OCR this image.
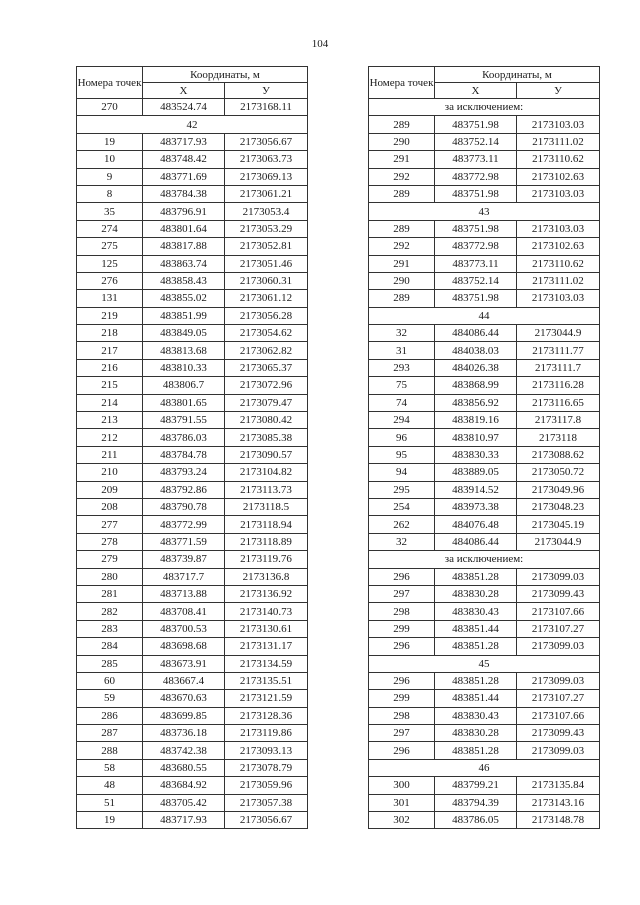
104
Номера точек	Координаты, м	
	X	У
270	483524.74	2173168.11
42		
19	483717.93	2173056.67
10	483748.42	2173063.73
9	483771.69	2173069.13
8	483784.38	2173061.21
35	483796.91	2173053.4
274	483801.64	2173053.29
275	483817.88	2173052.81
125	483863.74	2173051.46
276	483858.43	2173060.31
131	483855.02	2173061.12
219	483851.99	2173056.28
218	483849.05	2173054.62
217	483813.68	2173062.82
216	483810.33	2173065.37
215	483806.7	2173072.96
214	483801.65	2173079.47
213	483791.55	2173080.42
212	483786.03	2173085.38
211	483784.78	2173090.57
210	483793.24	2173104.82
209	483792.86	2173113.73
208	483790.78	2173118.5
277	483772.99	2173118.94
278	483771.59	2173118.89
279	483739.87	2173119.76
280	483717.7	2173136.8
281	483713.88	2173136.92
282	483708.41	2173140.73
283	483700.53	2173130.61
284	483698.68	2173131.17
285	483673.91	2173134.59
60	483667.4	2173135.51
59	483670.63	2173121.59
286	483699.85	2173128.36
287	483736.18	2173119.86
288	483742.38	2173093.13
58	483680.55	2173078.79
48	483684.92	2173059.96
51	483705.42	2173057.38
19	483717.93	2173056.67
Номера точек	Координаты, м	
	X	У
за исключением:		
289	483751.98	2173103.03
290	483752.14	2173111.02
291	483773.11	2173110.62
292	483772.98	2173102.63
289	483751.98	2173103.03
43		
289	483751.98	2173103.03
292	483772.98	2173102.63
291	483773.11	2173110.62
290	483752.14	2173111.02
289	483751.98	2173103.03
44		
32	484086.44	2173044.9
31	484038.03	2173111.77
293	484026.38	2173111.7
75	483868.99	2173116.28
74	483856.92	2173116.65
294	483819.16	2173117.8
96	483810.97	2173118
95	483830.33	2173088.62
94	483889.05	2173050.72
295	483914.52	2173049.96
254	483973.38	2173048.23
262	484076.48	2173045.19
32	484086.44	2173044.9
за исключением:		
296	483851.28	2173099.03
297	483830.28	2173099.43
298	483830.43	2173107.66
299	483851.44	2173107.27
296	483851.28	2173099.03
45		
296	483851.28	2173099.03
299	483851.44	2173107.27
298	483830.43	2173107.66
297	483830.28	2173099.43
296	483851.28	2173099.03
46		
300	483799.21	2173135.84
301	483794.39	2173143.16
302	483786.05	2173148.78
